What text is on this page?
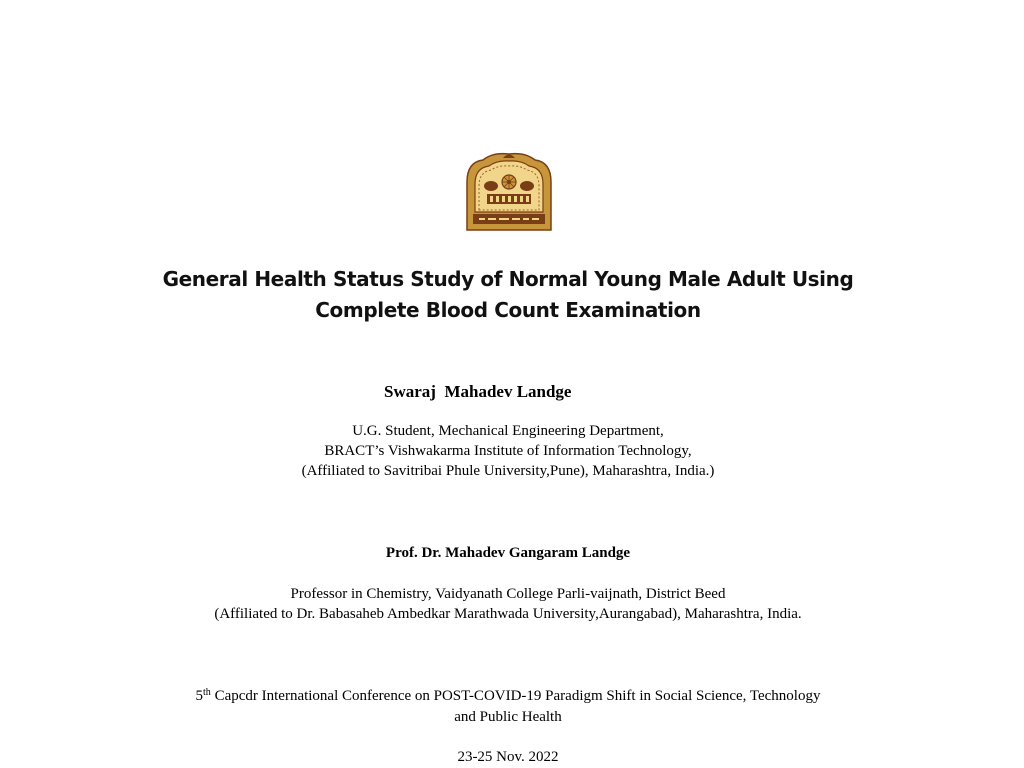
General Health Status Study of Normal Young Male Adult Using
Complete Blood Count Examination
Swaraj  Mahadev Landge
U.G. Student, Mechanical Engineering Department,
BRACT’s Vishwakarma Institute of Information Technology,
(Affiliated to Savitribai Phule University,Pune), Maharashtra, India.)
Prof. Dr. Mahadev Gangaram Landge
Professor in Chemistry, Vaidyanath College Parli-vaijnath, District Beed
(Affiliated to Dr. Babasaheb Ambedkar Marathwada University,Aurangabad), Maharashtra, India.
5th Capcdr International Conference on POST-COVID-19 Paradigm Shift in Social Science, Technology
and Public Health
23-25 Nov. 2022
